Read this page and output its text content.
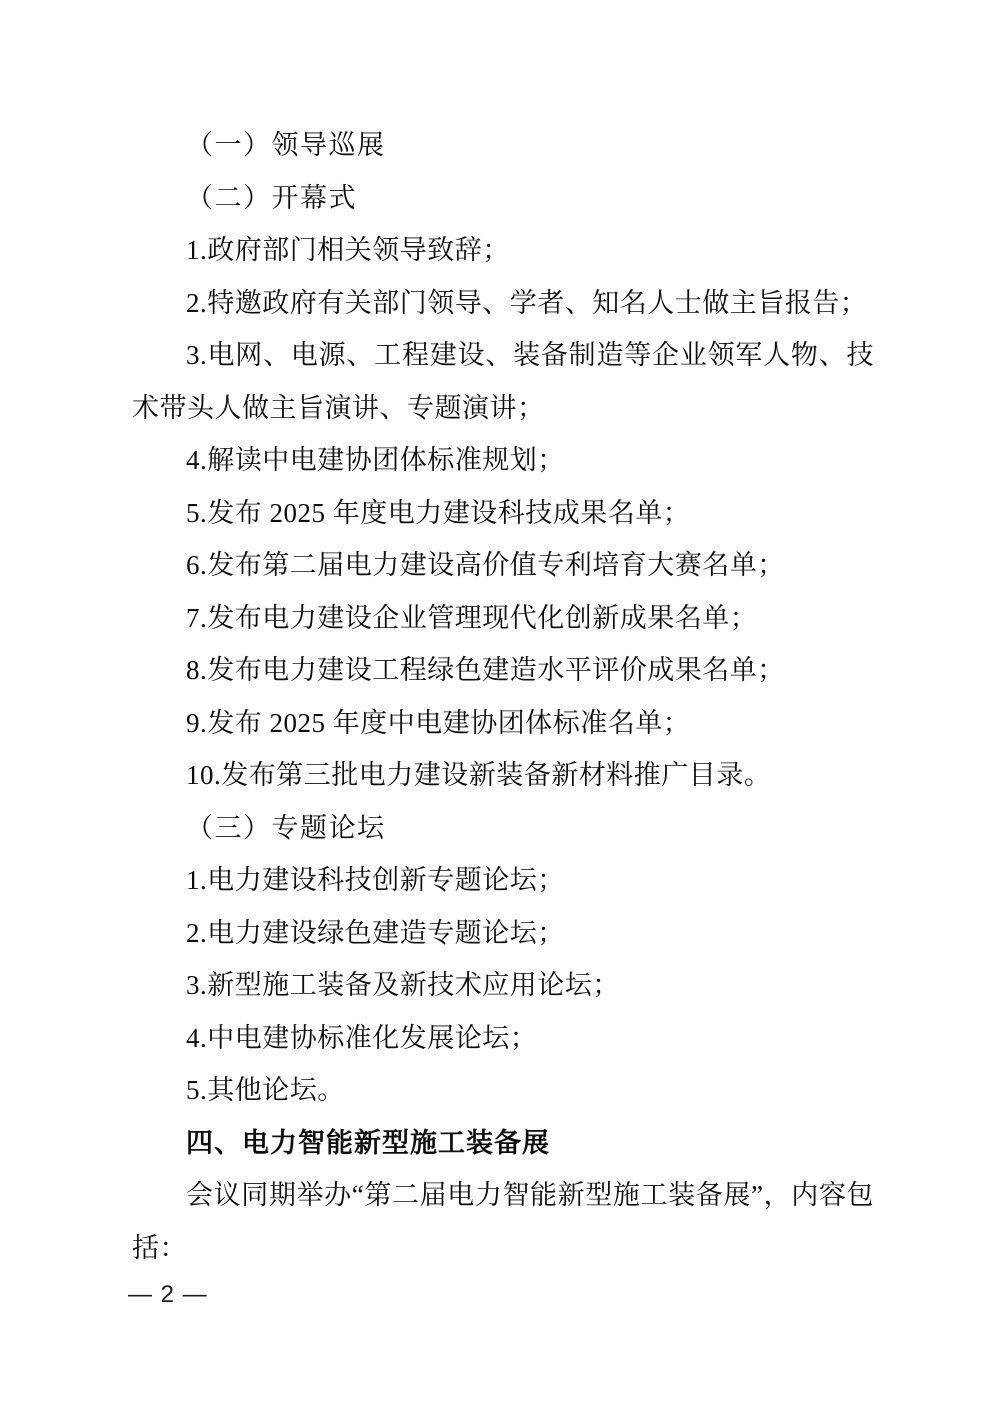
（一）领导巡展

（二）开幕式

1.政府部门相关领导致辞；

2.特邀政府有关部门领导、学者、知名人士做主旨报告；

3.电网、电源、工程建设、装备制造等企业领军人物、技术带头人做主旨演讲、专题演讲；

4.解读中电建协团体标准规划；

5.发布 2025 年度电力建设科技成果名单；

6.发布第二届电力建设高价值专利培育大赛名单；

7.发布电力建设企业管理现代化创新成果名单；

8.发布电力建设工程绿色建造水平评价成果名单；

9.发布 2025 年度中电建协团体标准名单；

10.发布第三批电力建设新装备新材料推广目录。

（三）专题论坛

1.电力建设科技创新专题论坛；

2.电力建设绿色建造专题论坛；

3.新型施工装备及新技术应用论坛；

4.中电建协标准化发展论坛；

5.其他论坛。

四、电力智能新型施工装备展

会议同期举办“第二届电力智能新型施工装备展”，内容包括：

— 2 —
